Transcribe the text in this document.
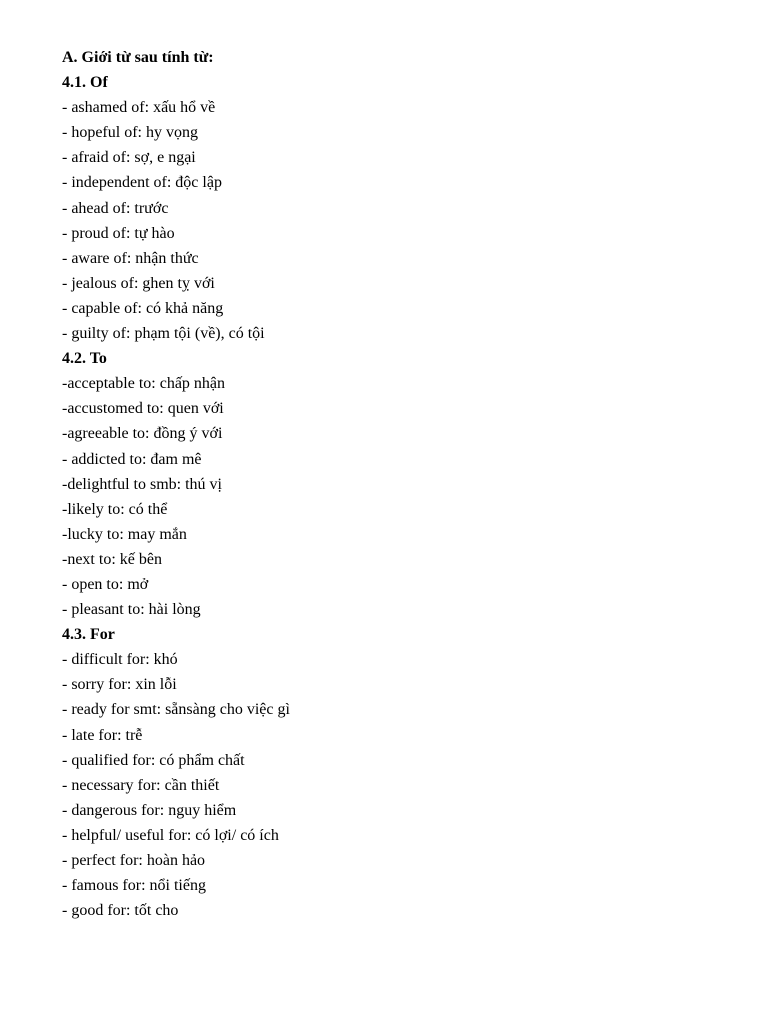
A. Giới từ sau tính từ:
4.1. Of
- ashamed of: xấu hổ về
- hopeful of: hy vọng
- afraid of: sợ, e ngại
- independent of: độc lập
- ahead of: trước
- proud of: tự hào
- aware of: nhận thức
- jealous of: ghen tỵ với
- capable of: có khả năng
- guilty of: phạm tội (về), có tội
4.2. To
-acceptable to: chấp nhận
-accustomed to: quen với
-agreeable to: đồng ý với
- addicted to: đam mê
-delightful to smb: thú vị
-likely to: có thể
-lucky to: may mắn
-next to: kế bên
- open to: mở
- pleasant to: hài lòng
4.3. For
- difficult for: khó
- sorry for: xin lỗi
- ready for smt: sẵnsàng cho việc gì
- late for: trễ
- qualified for: có phẩm chất
- necessary for: cần thiết
- dangerous for: nguy hiểm
- helpful/ useful for: có lợi/ có ích
- perfect for: hoàn hảo
- famous for: nổi tiếng
- good for: tốt cho
